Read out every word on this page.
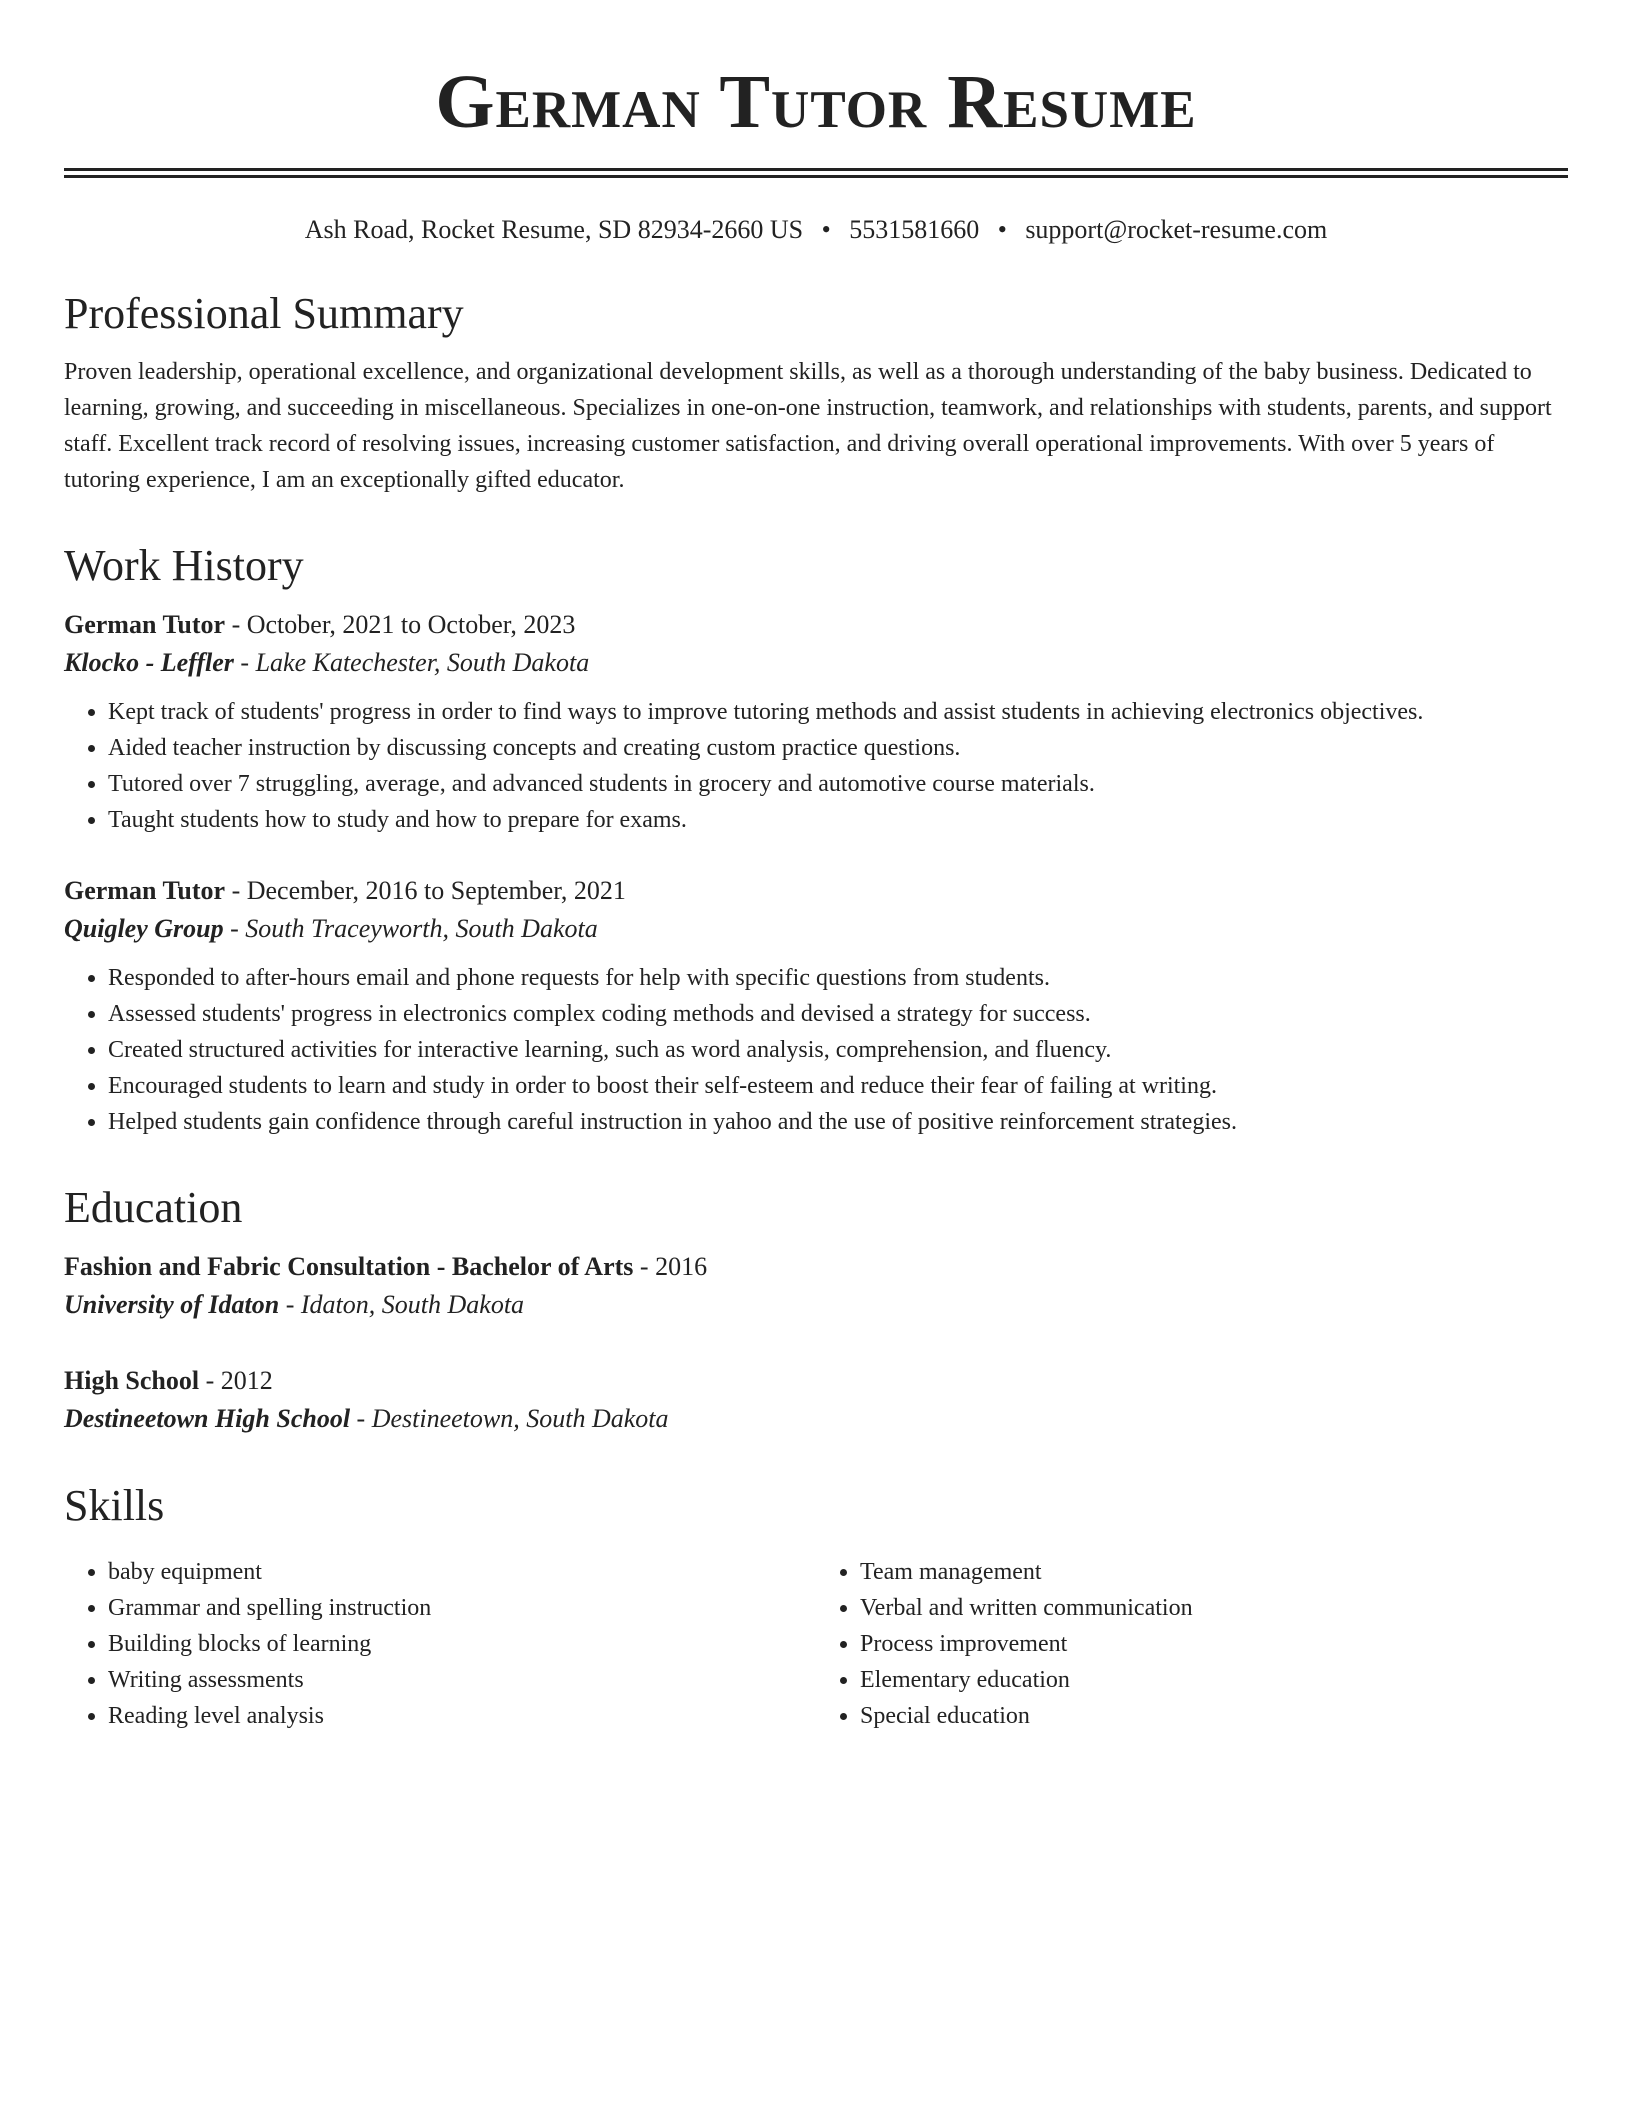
German Tutor Resume
Ash Road, Rocket Resume, SD 82934-2660 US • 5531581660 • support@rocket-resume.com
Professional Summary

Proven leadership, operational excellence, and organizational development skills, as well as a thorough understanding of the baby business. Dedicated to learning, growing, and succeeding in miscellaneous. Specializes in one-on-one instruction, teamwork, and relationships with students, parents, and support staff. Excellent track record of resolving issues, increasing customer satisfaction, and driving overall operational improvements. With over 5 years of tutoring experience, I am an exceptionally gifted educator.

Work History
German Tutor - October, 2021 to October, 2023
Klocko - Leffler - Lake Katechester, South Dakota
• Kept track of students' progress in order to find ways to improve tutoring methods and assist students in achieving electronics objectives.
• Aided teacher instruction by discussing concepts and creating custom practice questions.
• Tutored over 7 struggling, average, and advanced students in grocery and automotive course materials.
• Taught students how to study and how to prepare for exams.
German Tutor - December, 2016 to September, 2021
Quigley Group - South Traceyworth, South Dakota
• Responded to after-hours email and phone requests for help with specific questions from students.
• Assessed students' progress in electronics complex coding methods and devised a strategy for success.
• Created structured activities for interactive learning, such as word analysis, comprehension, and fluency.
• Encouraged students to learn and study in order to boost their self-esteem and reduce their fear of failing at writing.
• Helped students gain confidence through careful instruction in yahoo and the use of positive reinforcement strategies.
Education
Fashion and Fabric Consultation - Bachelor of Arts - 2016
University of Idaton - Idaton, South Dakota
High School - 2012
Destineetown High School - Destineetown, South Dakota
Skills
• baby equipment
• Grammar and spelling instruction
• Building blocks of learning
• Writing assessments
• Reading level analysis
• Team management
• Verbal and written communication
• Process improvement
• Elementary education
• Special education
